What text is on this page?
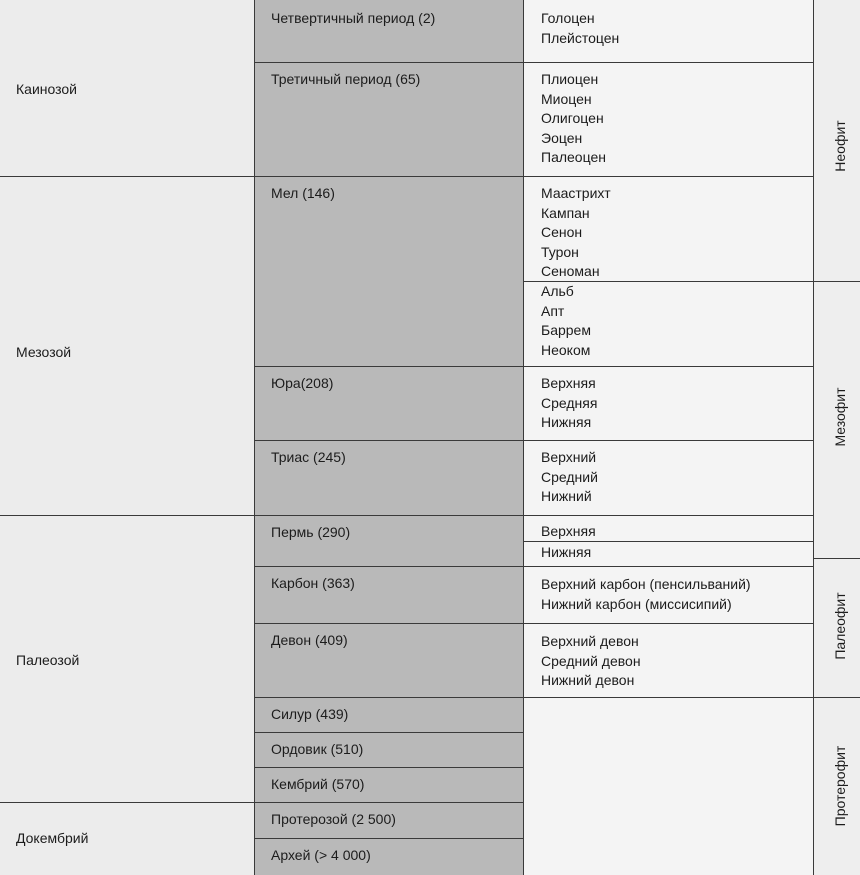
Каинозой
Мезозой
Палеозой
Докембрий
Четвертичный период (2)
Третичный период (65)
Мел (146)
Юра(208)
Триас (245)
Пермь (290)
Карбон (363)
Девон (409)
Силур (439)
Ордовик (510)
Кембрий (570)
Протерозой (2 500)
Архей (> 4 000)
Голоцен
Плейстоцен
Плиоцен
Миоцен
Олигоцен
Эоцен
Палеоцен
Маастрихт
Кампан
Сенон
Турон
Сеноман
Альб
Апт
Баррем
Неоком
Верхняя
Средняя
Нижняя
Верхний
Средний
Нижний
Верхняя
Нижняя
Верхний карбон (пенсильваний)
Нижний карбон (миссисипий)
Верхний девон
Средний девон
Нижний девон
Неофит
Мезофит
Палеофит
Протерофит
